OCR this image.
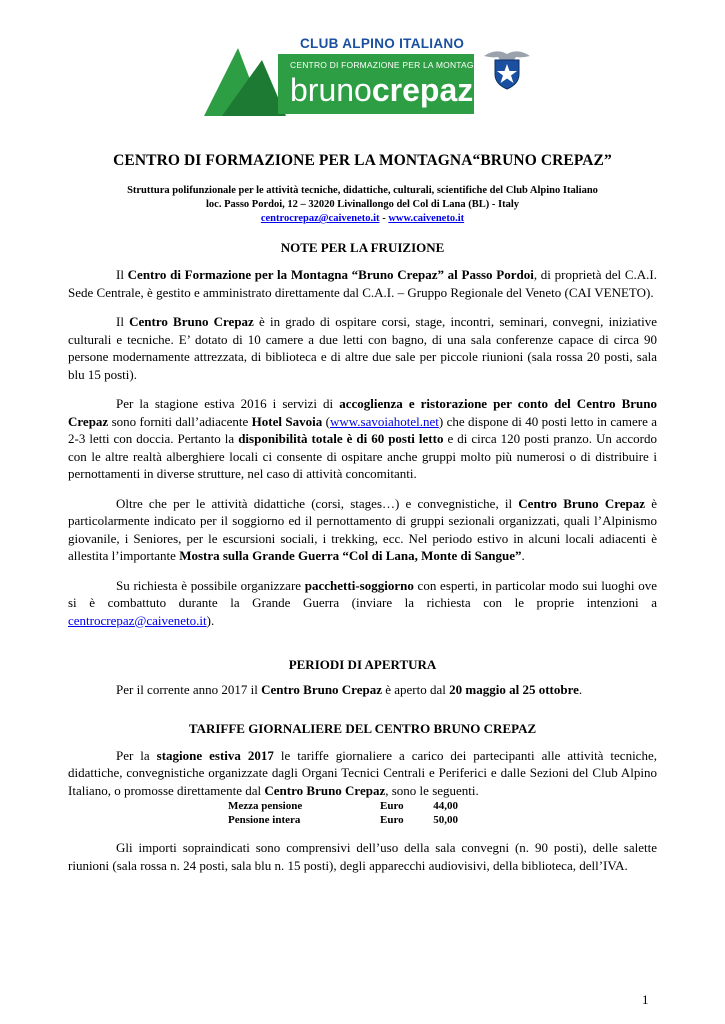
CLUB ALPINO ITALIANO
CENTRO DI FORMAZIONE PER LA MONTAGNA
brunocrepaz
CENTRO DI FORMAZIONE PER LA MONTAGNA“BRUNO CREPAZ”
Struttura polifunzionale per le attività tecniche, didattiche, culturali, scientifiche del Club Alpino Italiano
loc. Passo Pordoi, 12 – 32020 Livinallongo del Col di Lana (BL) - Italy
centrocrepaz@caiveneto.it - www.caiveneto.it
NOTE PER LA FRUIZIONE

Il Centro di Formazione per la Montagna “Bruno Crepaz” al Passo Pordoi, di proprietà del C.A.I. Sede Centrale, è gestito e amministrato direttamente dal C.A.I. – Gruppo Regionale del Veneto (CAI VENETO).

Il Centro Bruno Crepaz è in grado di ospitare corsi, stage, incontri, seminari, convegni, iniziative culturali e tecniche. E’ dotato di 10 camere a due letti con bagno, di una sala conferenze capace di circa 90 persone modernamente attrezzata, di biblioteca e di altre due sale per piccole riunioni (sala rossa 20 posti, sala blu 15 posti).

Per la stagione estiva 2016 i servizi di accoglienza e ristorazione per conto del Centro Bruno Crepaz sono forniti dall’adiacente Hotel Savoia (www.savoiahotel.net) che dispone di 40 posti letto in camere a 2-3 letti con doccia. Pertanto la disponibilità totale è di 60 posti letto e di circa 120 posti pranzo. Un accordo con le altre realtà alberghiere locali ci consente di ospitare anche gruppi molto più numerosi o di distribuire i pernottamenti in diverse strutture, nel caso di attività concomitanti.

Oltre che per le attività didattiche (corsi, stages…) e convegnistiche, il Centro Bruno Crepaz è particolarmente indicato per il soggiorno ed il pernottamento di gruppi sezionali organizzati, quali l’Alpinismo giovanile, i Seniores, per le escursioni sociali, i trekking, ecc. Nel periodo estivo in alcuni locali adiacenti è allestita l’importante Mostra sulla Grande Guerra “Col di Lana, Monte di Sangue”.

Su richiesta è possibile organizzare pacchetti-soggiorno con esperti, in particolar modo sui luoghi ove si è combattuto durante la Grande Guerra (inviare la richiesta con le proprie intenzioni a centrocrepaz@caiveneto.it).

PERIODI DI APERTURA

Per il corrente anno 2017 il Centro Bruno Crepaz è aperto dal 20 maggio al 25 ottobre.

TARIFFE GIORNALIERE DEL CENTRO BRUNO CREPAZ

Per la stagione estiva 2017 le tariffe giornaliere a carico dei partecipanti alle attività tecniche, didattiche, convegnistiche organizzate dagli Organi Tecnici Centrali e Periferici e dalle Sezioni del Club Alpino Italiano, o promosse direttamente dal Centro Bruno Crepaz, sono le seguenti.

Mezza pensione	Euro	44,00
Pensione intera	Euro	50,00

Gli importi sopraindicati sono comprensivi dell’uso della sala convegni (n. 90 posti), delle salette riunioni (sala rossa n. 24 posti, sala blu n. 15 posti), degli apparecchi audiovisivi, della biblioteca, dell’IVA.

1
